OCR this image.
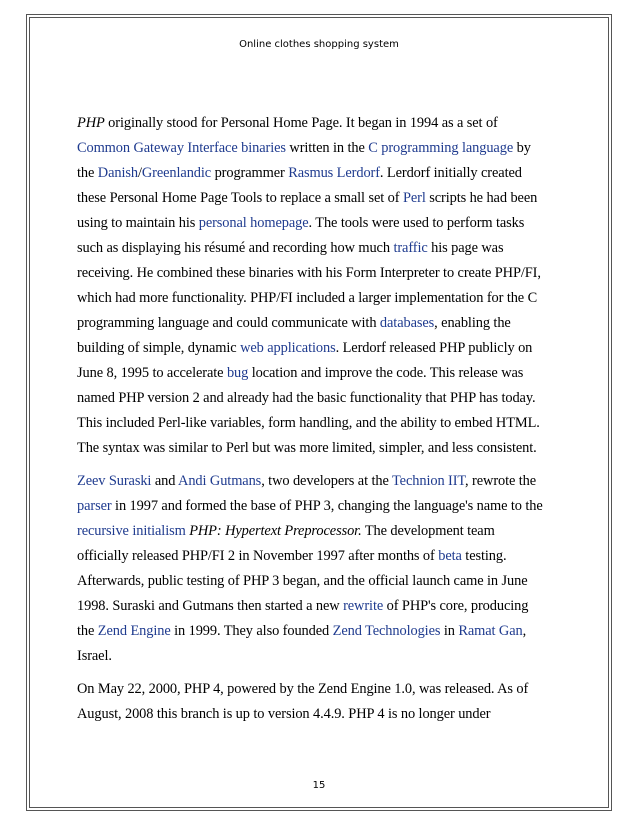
Online clothes shopping system

PHP originally stood for Personal Home Page. It began in 1994 as a set of
Common Gateway Interface binaries written in the C programming language by
the Danish/Greenlandic programmer Rasmus Lerdorf. Lerdorf initially created
these Personal Home Page Tools to replace a small set of Perl scripts he had been
using to maintain his personal homepage. The tools were used to perform tasks
such as displaying his résumé and recording how much traffic his page was
receiving. He combined these binaries with his Form Interpreter to create PHP/FI,
which had more functionality. PHP/FI included a larger implementation for the C
programming language and could communicate with databases, enabling the
building of simple, dynamic web applications. Lerdorf released PHP publicly on
June 8, 1995 to accelerate bug location and improve the code. This release was
named PHP version 2 and already had the basic functionality that PHP has today.
This included Perl-like variables, form handling, and the ability to embed HTML.
The syntax was similar to Perl but was more limited, simpler, and less consistent.

Zeev Suraski and Andi Gutmans, two developers at the Technion IIT, rewrote the
parser in 1997 and formed the base of PHP 3, changing the language's name to the
recursive initialism PHP: Hypertext Preprocessor. The development team
officially released PHP/FI 2 in November 1997 after months of beta testing.
Afterwards, public testing of PHP 3 began, and the official launch came in June
1998. Suraski and Gutmans then started a new rewrite of PHP's core, producing
the Zend Engine in 1999. They also founded Zend Technologies in Ramat Gan,
Israel.

On May 22, 2000, PHP 4, powered by the Zend Engine 1.0, was released. As of
August, 2008 this branch is up to version 4.4.9. PHP 4 is no longer under

15
